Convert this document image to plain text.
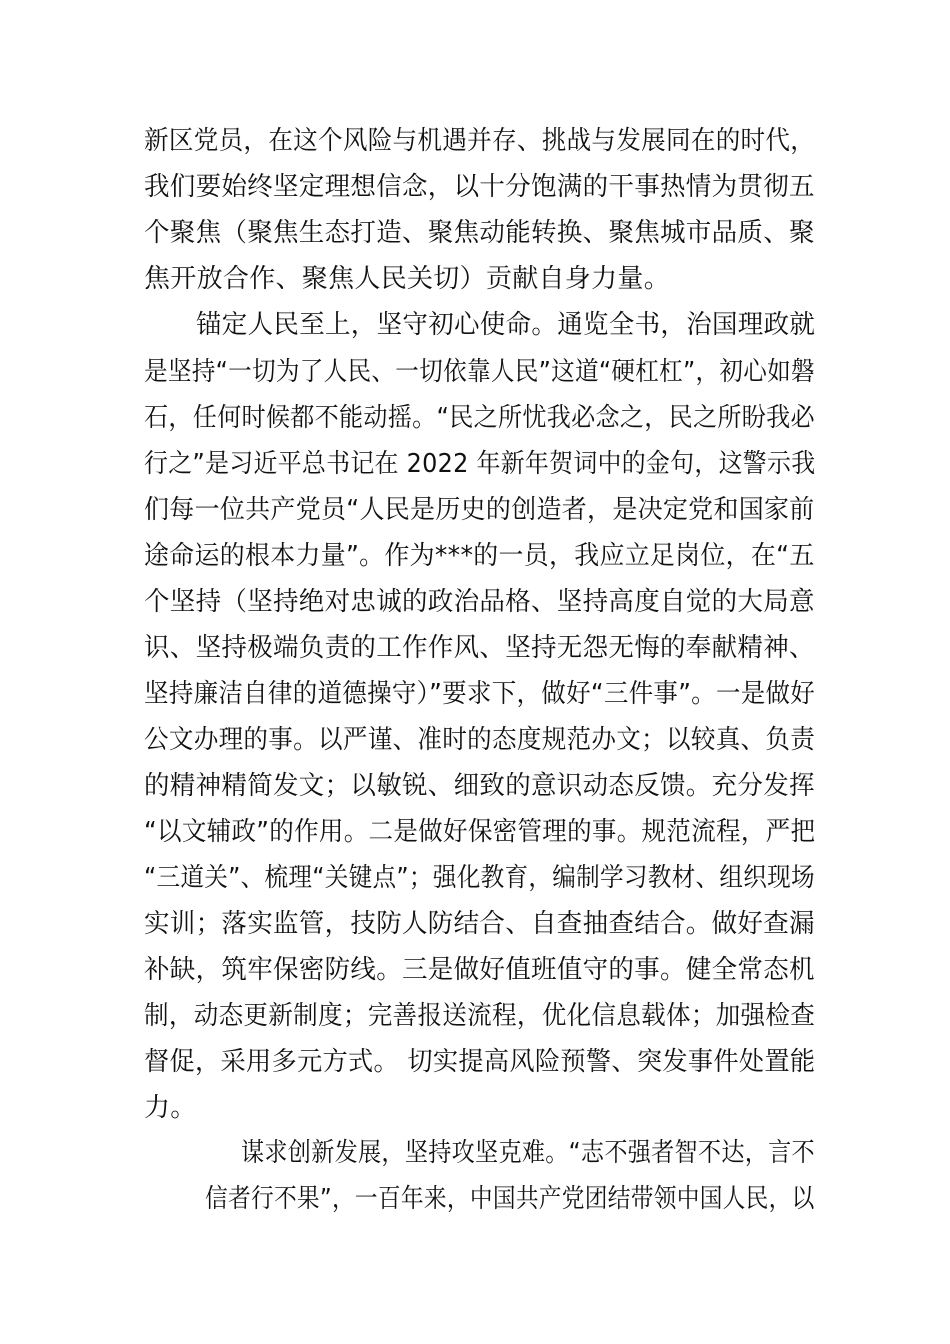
新区党员，在这个风险与机遇并存、挑战与发展同在的时代，
我们要始终坚定理想信念，以十分饱满的干事热情为贯彻五
个聚焦（聚焦生态打造、聚焦动能转换、聚焦城市品质、聚
焦开放合作、聚焦人民关切）贡献自身力量。
锚定人民至上，坚守初心使命。通览全书，治国理政就
是坚持“一切为了人民、一切依靠人民”这道“硬杠杠”，初心如磐
石，任何时候都不能动摇。“民之所忧我必念之，民之所盼我必
行之”是习近平总书记在 2022 年新年贺词中的金句，这警示我
们每一位共产党员“人民是历史的创造者，是决定党和国家前
途命运的根本力量”。作为***的一员，我应立足岗位，在“五
个坚持（坚持绝对忠诚的政治品格、坚持高度自觉的大局意
识、坚持极端负责的工作作风、坚持无怨无悔的奉献精神、
坚持廉洁自律的道德操守）”要求下，做好“三件事”。一是做好
公文办理的事。以严谨、准时的态度规范办文；以较真、负责
的精神精简发文；以敏锐、细致的意识动态反馈。充分发挥
“以文辅政”的作用。二是做好保密管理的事。规范流程，严把
“三道关”、梳理“关键点”；强化教育，编制学习教材、组织现场
实训；落实监管，技防人防结合、自查抽查结合。做好查漏
补缺，筑牢保密防线。三是做好值班值守的事。健全常态机
制，动态更新制度；完善报送流程，优化信息载体；加强检查
督促，采用多元方式。 切实提高风险预警、突发事件处置能
力。
谋求创新发展，坚持攻坚克难。“志不强者智不达，言不
信者行不果”，一百年来，中国共产党团结带领中国人民，以
